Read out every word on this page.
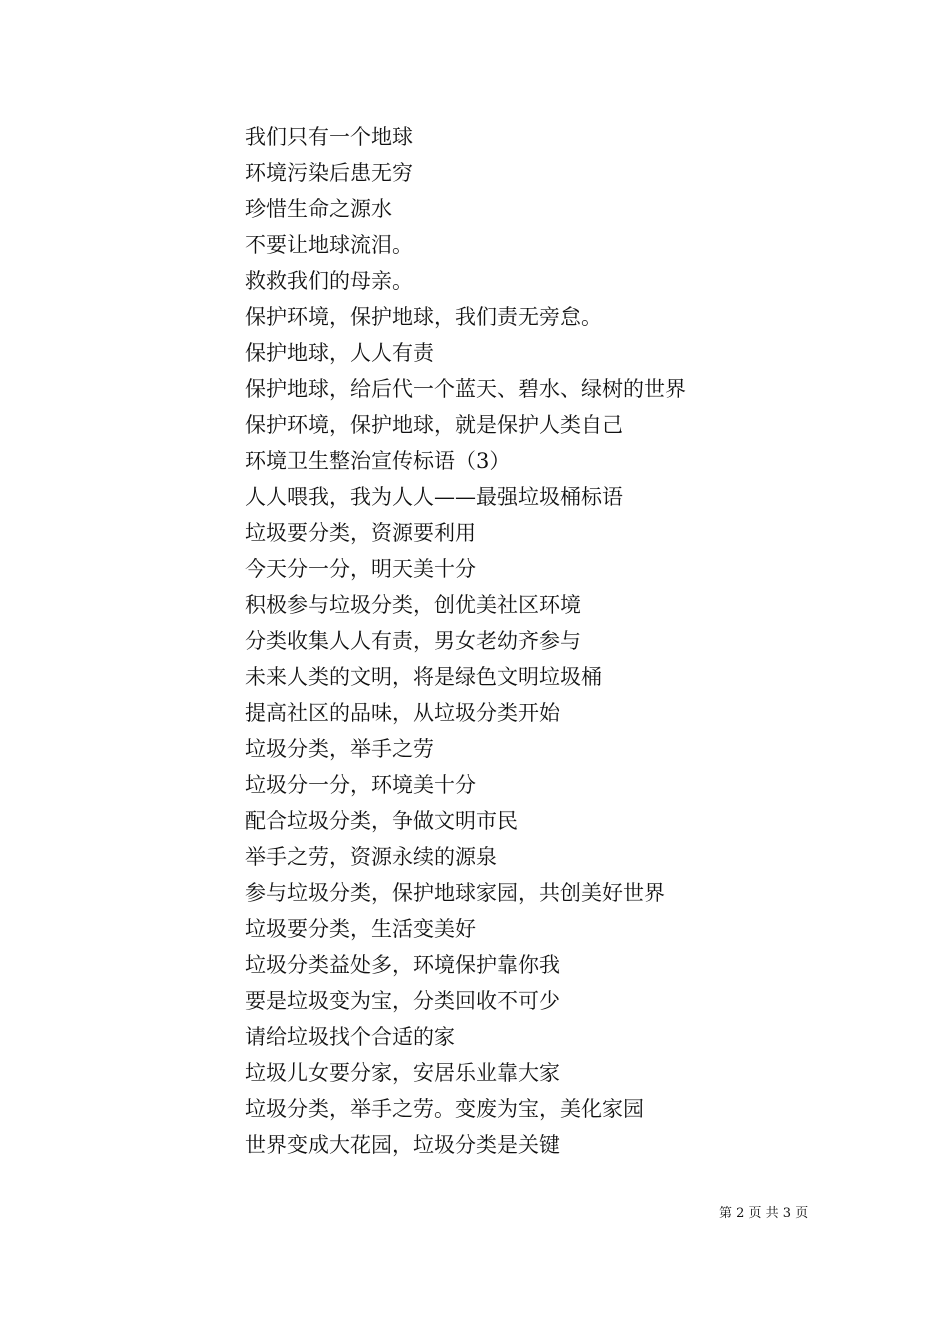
我们只有一个地球
环境污染后患无穷
珍惜生命之源水
不要让地球流泪。
救救我们的母亲。
保护环境，保护地球，我们责无旁怠。
保护地球，人人有责
保护地球，给后代一个蓝天、碧水、绿树的世界
保护环境，保护地球，就是保护人类自己
环境卫生整治宣传标语（3）
人人喂我，我为人人——最强垃圾桶标语
垃圾要分类，资源要利用
今天分一分，明天美十分
积极参与垃圾分类，创优美社区环境
分类收集人人有责，男女老幼齐参与
未来人类的文明，将是绿色文明垃圾桶
提高社区的品味，从垃圾分类开始
垃圾分类，举手之劳
垃圾分一分，环境美十分
配合垃圾分类，争做文明市民
举手之劳，资源永续的源泉
参与垃圾分类，保护地球家园，共创美好世界
垃圾要分类，生活变美好
垃圾分类益处多，环境保护靠你我
要是垃圾变为宝，分类回收不可少
请给垃圾找个合适的家
垃圾儿女要分家，安居乐业靠大家
垃圾分类，举手之劳。变废为宝，美化家园
世界变成大花园，垃圾分类是关键
第 2 页 共 3 页
